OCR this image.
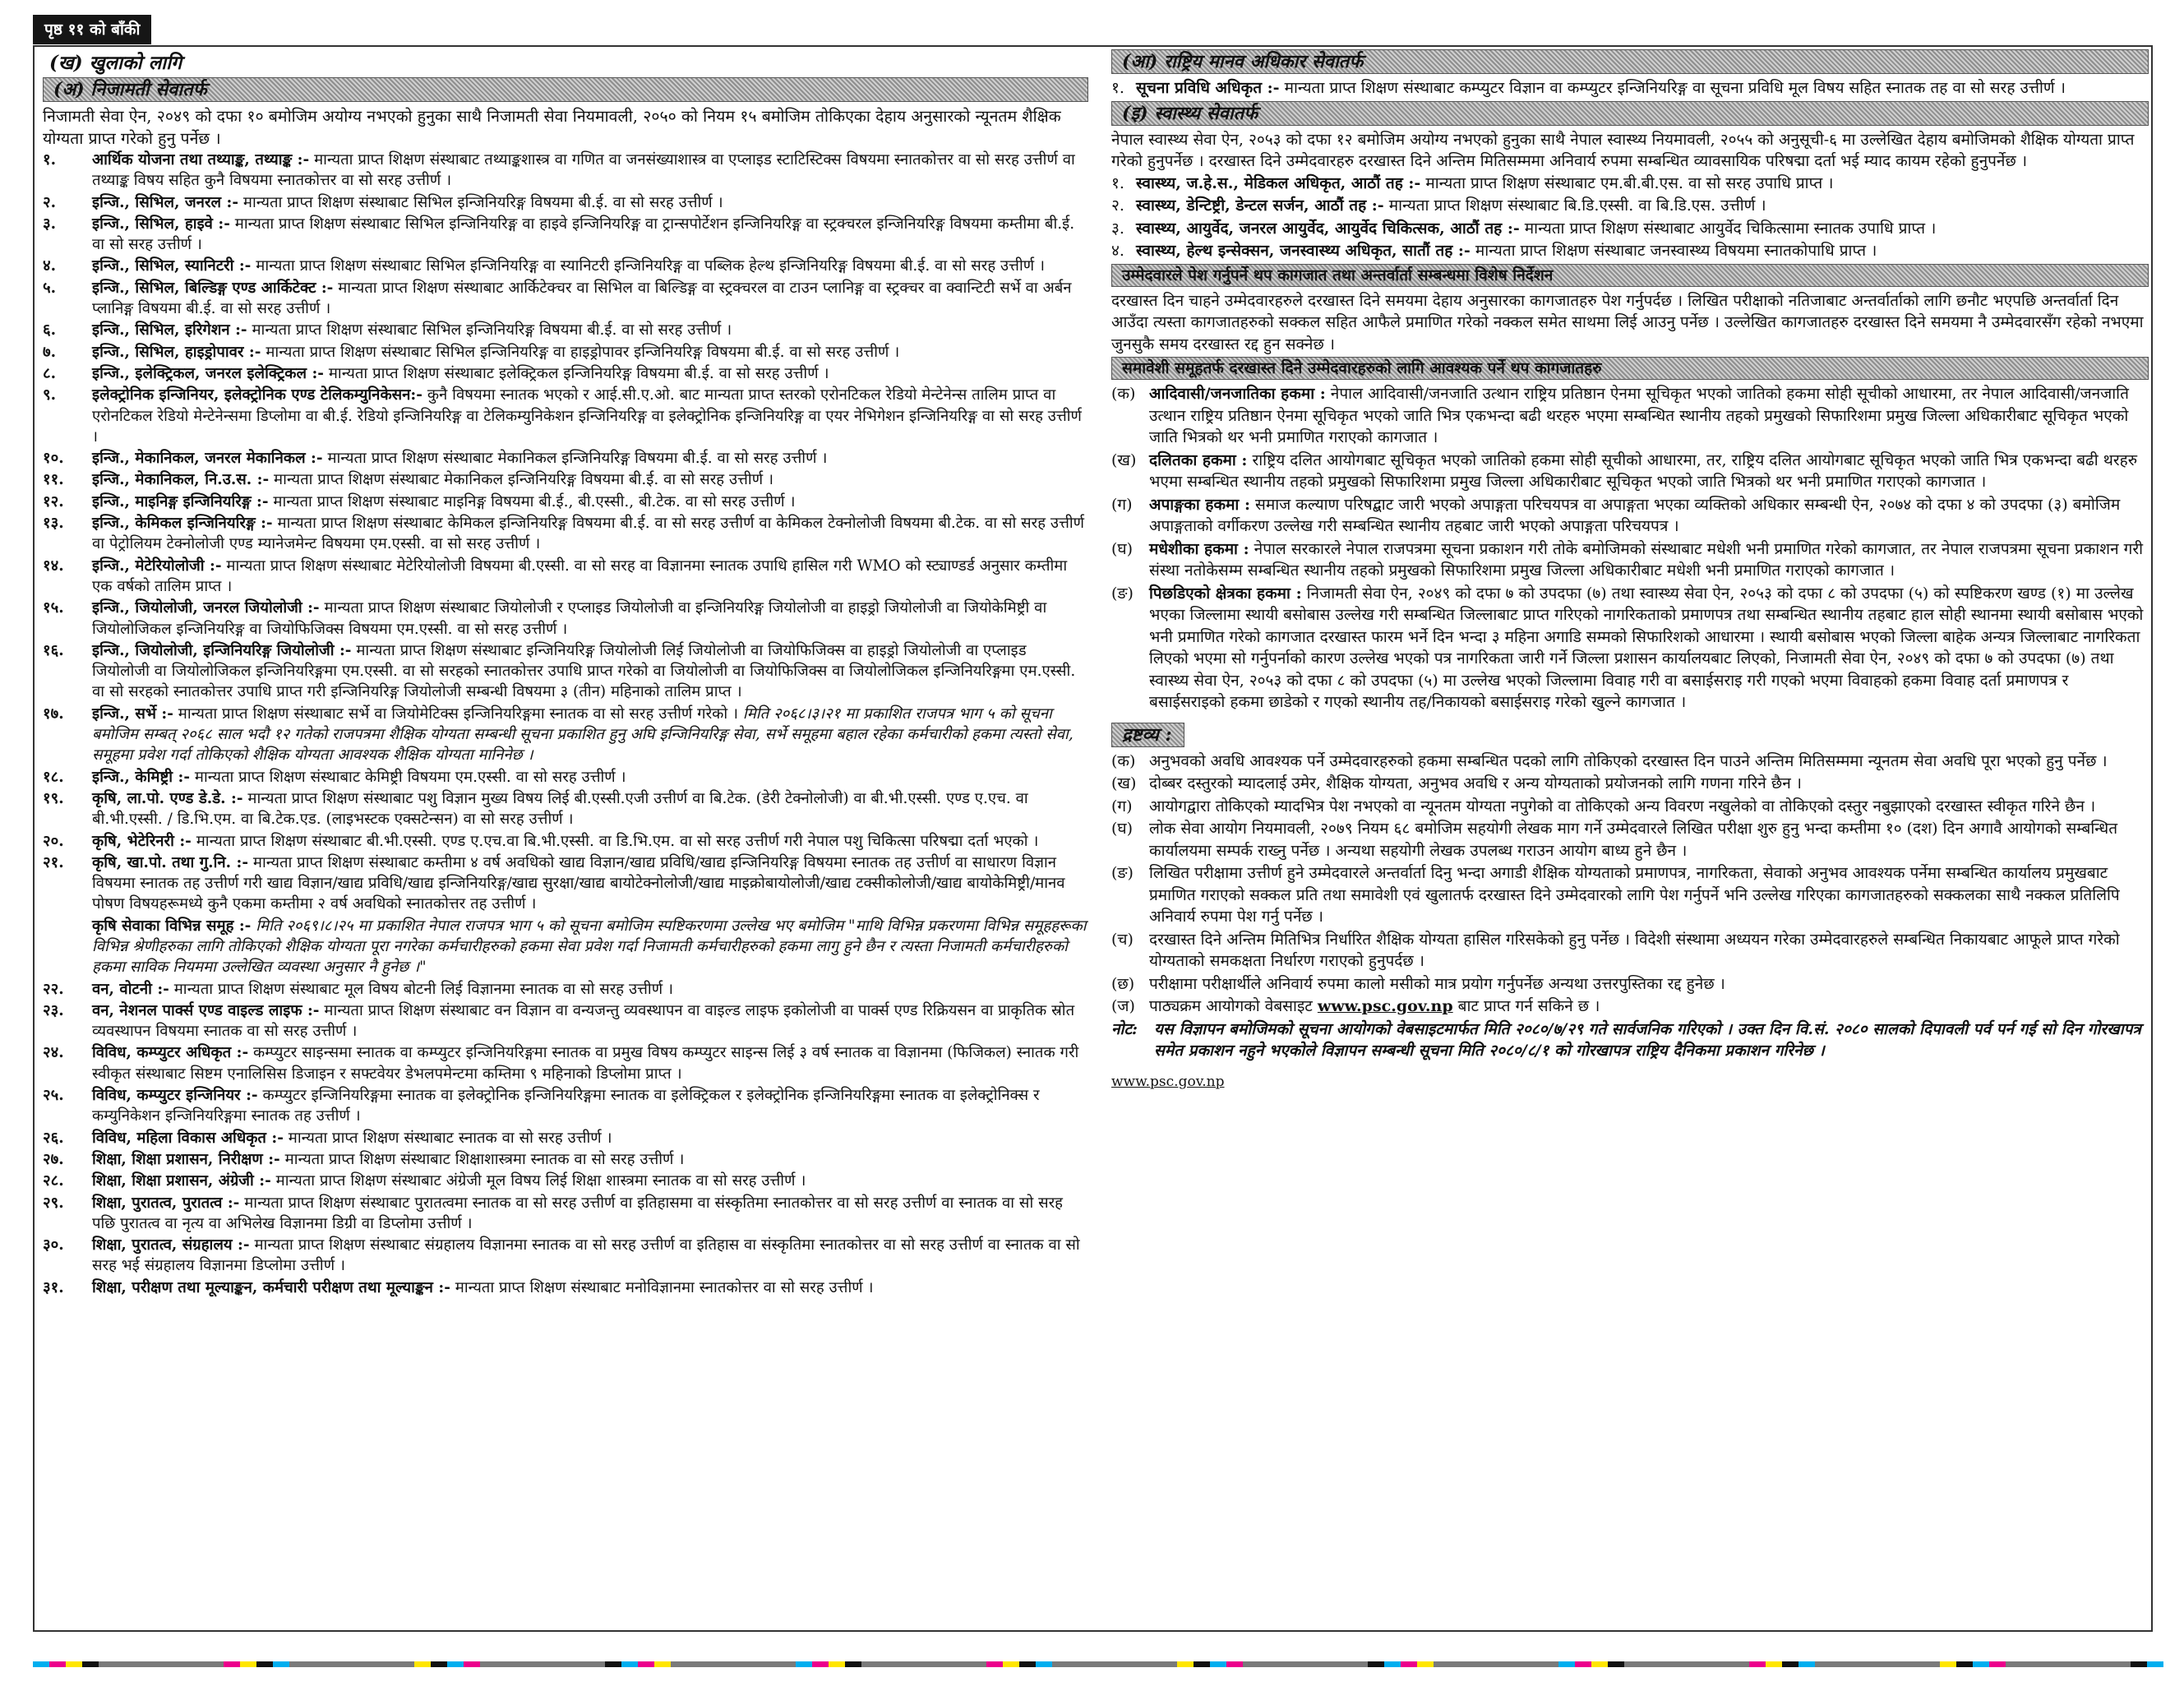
पृष्ठ ११ को बाँकी
(ख) खुलाको लागि
(अ) निजामती सेवातर्फ
निजामती सेवा ऐन, २०४९ को दफा १० बमोजिम अयोग्य नभएको हुनुका साथै निजामती सेवा नियमावली, २०५० को नियम १५ बमोजिम तोकिएका देहाय अनुसारको न्यूनतम शैक्षिक योग्यता प्राप्त गरेको हुनु पर्नेछ ।
१.	आर्थिक योजना तथा तथ्याङ्क, तथ्याङ्क :- मान्यता प्राप्त शिक्षण संस्थाबाट तथ्याङ्कशास्त्र वा गणित वा जनसंख्याशास्त्र वा एप्लाइड स्टाटिस्टिक्स विषयमा स्नातकोत्तर वा सो सरह उत्तीर्ण वा तथ्याङ्क विषय सहित कुनै विषयमा स्नातकोत्तर वा सो सरह उत्तीर्ण ।
२.	इन्जि., सिभिल, जनरल :- मान्यता प्राप्त शिक्षण संस्थाबाट सिभिल इन्जिनियरिङ्ग विषयमा बी.ई. वा सो सरह उत्तीर्ण ।
३.	इन्जि., सिभिल, हाइवे :- मान्यता प्राप्त शिक्षण संस्थाबाट सिभिल इन्जिनियरिङ्ग वा हाइवे इन्जिनियरिङ्ग वा ट्रान्सपोर्टेशन इन्जिनियरिङ्ग वा स्ट्रक्चरल इन्जिनियरिङ्ग विषयमा कम्तीमा बी.ई. वा सो सरह उत्तीर्ण ।
४.	इन्जि., सिभिल, स्यानिटरी :- मान्यता प्राप्त शिक्षण संस्थाबाट सिभिल इन्जिनियरिङ्ग वा स्यानिटरी इन्जिनियरिङ्ग वा पब्लिक हेल्थ इन्जिनियरिङ्ग विषयमा बी.ई. वा सो सरह उत्तीर्ण ।
५.	इन्जि., सिभिल, बिल्डिङ्ग एण्ड आर्किटेक्ट :- मान्यता प्राप्त शिक्षण संस्थाबाट आर्किटेक्चर वा सिभिल वा बिल्डिङ्ग वा स्ट्रक्चरल वा टाउन प्लानिङ्ग वा स्ट्रक्चर वा क्वान्टिटी सर्भे वा अर्बन प्लानिङ्ग विषयमा बी.ई. वा सो सरह उत्तीर्ण ।
६.	इन्जि., सिभिल, इरिगेशन :- मान्यता प्राप्त शिक्षण संस्थाबाट सिभिल इन्जिनियरिङ्ग विषयमा बी.ई. वा सो सरह उत्तीर्ण ।
७.	इन्जि., सिभिल, हाइड्रोपावर :- मान्यता प्राप्त शिक्षण संस्थाबाट सिभिल इन्जिनियरिङ्ग वा हाइड्रोपावर इन्जिनियरिङ्ग विषयमा बी.ई. वा सो सरह उत्तीर्ण ।
८.	इन्जि., इलेक्ट्रिकल, जनरल इलेक्ट्रिकल :- मान्यता प्राप्त शिक्षण संस्थाबाट इलेक्ट्रिकल इन्जिनियरिङ्ग विषयमा बी.ई. वा सो सरह उत्तीर्ण ।
९.	इलेक्ट्रोनिक इन्जिनियर, इलेक्ट्रोनिक एण्ड टेलिकम्युनिकेसन:- कुनै विषयमा स्नातक भएको र आई.सी.ए.ओ. बाट मान्यता प्राप्त स्तरको एरोनटिकल रेडियो मेन्टेनेन्स तालिम प्राप्त वा एरोनटिकल रेडियो मेन्टेनेन्समा डिप्लोमा वा बी.ई. रेडियो इन्जिनियरिङ्ग वा टेलिकम्युनिकेशन इन्जिनियरिङ्ग वा इलेक्ट्रोनिक इन्जिनियरिङ्ग वा एयर नेभिगेशन इन्जिनियरिङ्ग वा सो सरह उत्तीर्ण ।
१०.	इन्जि., मेकानिकल, जनरल मेकानिकल :- मान्यता प्राप्त शिक्षण संस्थाबाट मेकानिकल इन्जिनियरिङ्ग विषयमा बी.ई. वा सो सरह उत्तीर्ण ।
११.	इन्जि., मेकानिकल, नि.उ.स. :- मान्यता प्राप्त शिक्षण संस्थाबाट मेकानिकल इन्जिनियरिङ्ग विषयमा बी.ई. वा सो सरह उत्तीर्ण ।
१२.	इन्जि., माइनिङ्ग इन्जिनियरिङ्ग :- मान्यता प्राप्त शिक्षण संस्थाबाट माइनिङ्ग विषयमा बी.ई., बी.एस्सी., बी.टेक. वा सो सरह उत्तीर्ण ।
१३.	इन्जि., केमिकल इन्जिनियरिङ्ग :- मान्यता प्राप्त शिक्षण संस्थाबाट केमिकल इन्जिनियरिङ्ग विषयमा बी.ई. वा सो सरह उत्तीर्ण वा केमिकल टेक्नोलोजी विषयमा बी.टेक. वा सो सरह उत्तीर्ण वा पेट्रोलियम टेक्नोलोजी एण्ड म्यानेजमेन्ट विषयमा एम.एस्सी. वा सो सरह उत्तीर्ण ।
१४.	इन्जि., मेटेरियोलोजी :- मान्यता प्राप्त शिक्षण संस्थाबाट मेटेरियोलोजी विषयमा बी.एस्सी. वा सो सरह वा विज्ञानमा स्नातक उपाधि हासिल गरी WMO को स्ट्याण्डर्ड अनुसार कम्तीमा एक वर्षको तालिम प्राप्त ।
१५.	इन्जि., जियोलोजी, जनरल जियोलोजी :- मान्यता प्राप्त शिक्षण संस्थाबाट जियोलोजी र एप्लाइड जियोलोजी वा इन्जिनियरिङ्ग जियोलोजी वा हाइड्रो जियोलोजी वा जियोकेमिष्ट्री वा जियोलोजिकल इन्जिनियरिङ्ग वा जियोफिजिक्स विषयमा एम.एस्सी. वा सो सरह उत्तीर्ण ।
१६.	इन्जि., जियोलोजी, इन्जिनियरिङ्ग जियोलोजी :- मान्यता प्राप्त शिक्षण संस्थाबाट इन्जिनियरिङ्ग जियोलोजी लिई जियोलोजी वा जियोफिजिक्स वा हाइड्रो जियोलोजी वा एप्लाइड जियोलोजी वा जियोलोजिकल इन्जिनियरिङ्गमा एम.एस्सी. वा सो सरहको स्नातकोत्तर उपाधि प्राप्त गरेको वा जियोलोजी वा जियोफिजिक्स वा जियोलोजिकल इन्जिनियरिङ्गमा एम.एस्सी. वा सो सरहको स्नातकोत्तर उपाधि प्राप्त गरी इन्जिनियरिङ्ग जियोलोजी सम्बन्धी विषयमा ३ (तीन) महिनाको तालिम प्राप्त ।
१७.	इन्जि., सर्भे :- मान्यता प्राप्त शिक्षण संस्थाबाट सर्भे वा जियोमेटिक्स इन्जिनियरिङ्गमा स्नातक वा सो सरह उत्तीर्ण गरेको । मिति २०६८।३।२१ मा प्रकाशित राजपत्र भाग ५ को सूचना बमोजिम सम्बत् २०६८ साल भदौ १२ गतेको राजपत्रमा शैक्षिक योग्यता सम्बन्धी सूचना प्रकाशित हुनु अघि इन्जिनियरिङ्ग सेवा, सर्भे समूहमा बहाल रहेका कर्मचारीको हकमा त्यस्तो सेवा, समूहमा प्रवेश गर्दा तोकिएको शैक्षिक योग्यता आवश्यक शैक्षिक योग्यता मानिनेछ ।
१८.	इन्जि., केमिष्ट्री :- मान्यता प्राप्त शिक्षण संस्थाबाट केमिष्ट्री विषयमा एम.एस्सी. वा सो सरह उत्तीर्ण ।
१९.	कृषि, ला.पो. एण्ड डे.डे. :- मान्यता प्राप्त शिक्षण संस्थाबाट पशु विज्ञान मुख्य विषय लिई बी.एस्सी.एजी उत्तीर्ण वा बि.टेक. (डेरी टेक्नोलोजी) वा बी.भी.एस्सी. एण्ड ए.एच. वा बी.भी.एस्सी. / डि.भि.एम. वा बि.टेक.एड. (लाइभस्टक एक्सटेन्सन) वा सो सरह उत्तीर्ण ।
२०.	कृषि, भेटेरिनरी :- मान्यता प्राप्त शिक्षण संस्थाबाट बी.भी.एस्सी. एण्ड ए.एच.वा बि.भी.एस्सी. वा डि.भि.एम. वा सो सरह उत्तीर्ण गरी नेपाल पशु चिकित्सा परिषद्मा दर्ता भएको ।
२१.	कृषि, खा.पो. तथा गु.नि. :- मान्यता प्राप्त शिक्षण संस्थाबाट कम्तीमा ४ वर्ष अवधिको खाद्य विज्ञान/खाद्य प्रविधि/खाद्य इन्जिनियरिङ्ग विषयमा स्नातक तह उत्तीर्ण वा साधारण विज्ञान विषयमा स्नातक तह उत्तीर्ण गरी खाद्य विज्ञान/खाद्य प्रविधि/खाद्य इन्जिनियरिङ्ग/खाद्य सुरक्षा/खाद्य बायोटेक्नोलोजी/खाद्य माइक्रोबायोलोजी/खाद्य टक्सीकोलोजी/खाद्य बायोकेमिष्ट्री/मानव पोषण विषयहरूमध्ये कुनै एकमा कम्तीमा २ वर्ष अवधिको स्नातकोत्तर तह उत्तीर्ण ।
कृषि सेवाका विभिन्न समूह :- मिति २०६९।८।२५ मा प्रकाशित नेपाल राजपत्र भाग ५ को सूचना बमोजिम स्पष्टिकरणमा उल्लेख भए बमोजिम "माथि विभिन्न प्रकरणमा विभिन्न समूहहरूका विभिन्न श्रेणीहरुका लागि तोकिएको शैक्षिक योग्यता पूरा नगरेका कर्मचारीहरुको हकमा सेवा प्रवेश गर्दा निजामती कर्मचारीहरुको हकमा लागु हुने छैन र त्यस्ता निजामती कर्मचारीहरुको हकमा साविक नियममा उल्लेखित व्यवस्था अनुसार नै हुनेछ ।"
२२.	वन, वोटनी :- मान्यता प्राप्त शिक्षण संस्थाबाट मूल विषय बोटनी लिई विज्ञानमा स्नातक वा सो सरह उत्तीर्ण ।
२३.	वन, नेशनल पार्क्स एण्ड वाइल्ड लाइफ :- मान्यता प्राप्त शिक्षण संस्थाबाट वन विज्ञान वा वन्यजन्तु व्यवस्थापन वा वाइल्ड लाइफ इकोलोजी वा पार्क्स एण्ड रिक्रियसन वा प्राकृतिक स्रोत व्यवस्थापन विषयमा स्नातक वा सो सरह उत्तीर्ण ।
२४.	विविध, कम्प्युटर अधिकृत :- कम्प्युटर साइन्समा स्नातक वा कम्प्युटर इन्जिनियरिङ्गमा स्नातक वा प्रमुख विषय कम्प्युटर साइन्स लिई ३ वर्ष स्नातक वा विज्ञानमा (फिजिकल) स्नातक गरी स्वीकृत संस्थाबाट सिष्टम एनालिसिस डिजाइन र सफ्टवेयर डेभलपमेन्टमा कम्तिमा ९ महिनाको डिप्लोमा प्राप्त ।
२५.	विविध, कम्प्युटर इन्जिनियर :- कम्प्युटर इन्जिनियरिङ्गमा स्नातक वा इलेक्ट्रोनिक इन्जिनियरिङ्गमा स्नातक वा इलेक्ट्रिकल र इलेक्ट्रोनिक इन्जिनियरिङ्गमा स्नातक वा इलेक्ट्रोनिक्स र कम्युनिकेशन इन्जिनियरिङ्गमा स्नातक तह उत्तीर्ण ।
२६.	विविध, महिला विकास अधिकृत :- मान्यता प्राप्त शिक्षण संस्थाबाट स्नातक वा सो सरह उत्तीर्ण ।
२७.	शिक्षा, शिक्षा प्रशासन, निरीक्षण :- मान्यता प्राप्त शिक्षण संस्थाबाट शिक्षाशास्त्रमा स्नातक वा सो सरह उत्तीर्ण ।
२८.	शिक्षा, शिक्षा प्रशासन, अंग्रेजी :- मान्यता प्राप्त शिक्षण संस्थाबाट अंग्रेजी मूल विषय लिई शिक्षा शास्त्रमा स्नातक वा सो सरह उत्तीर्ण ।
२९.	शिक्षा, पुरातत्व, पुरातत्व :- मान्यता प्राप्त शिक्षण संस्थाबाट पुरातत्वमा स्नातक वा सो सरह उत्तीर्ण वा इतिहासमा वा संस्कृतिमा स्नातकोत्तर वा सो सरह उत्तीर्ण वा स्नातक वा सो सरह पछि पुरातत्व वा नृत्य वा अभिलेख विज्ञानमा डिग्री वा डिप्लोमा उत्तीर्ण ।
३०.	शिक्षा, पुरातत्व, संग्रहालय :- मान्यता प्राप्त शिक्षण संस्थाबाट संग्रहालय विज्ञानमा स्नातक वा सो सरह उत्तीर्ण वा इतिहास वा संस्कृतिमा स्नातकोत्तर वा सो सरह उत्तीर्ण वा स्नातक वा सो सरह भई संग्रहालय विज्ञानमा डिप्लोमा उत्तीर्ण ।
३१.	शिक्षा, परीक्षण तथा मूल्याङ्कन, कर्मचारी परीक्षण तथा मूल्याङ्कन :- मान्यता प्राप्त शिक्षण संस्थाबाट मनोविज्ञानमा स्नातकोत्तर वा सो सरह उत्तीर्ण ।
(आ) राष्ट्रिय मानव अधिकार सेवातर्फ
१. सूचना प्रविधि अधिकृत :- मान्यता प्राप्त शिक्षण संस्थाबाट कम्प्युटर विज्ञान वा कम्प्युटर इन्जिनियरिङ्ग वा सूचना प्रविधि मूल विषय सहित स्नातक तह वा सो सरह उत्तीर्ण ।
(इ) स्वास्थ्य सेवातर्फ
नेपाल स्वास्थ्य सेवा ऐन, २०५३ को दफा १२ बमोजिम अयोग्य नभएको हुनुका साथै नेपाल स्वास्थ्य नियमावली, २०५५ को अनुसूची-६ मा उल्लेखित देहाय बमोजिमको शैक्षिक योग्यता प्राप्त गरेको हुनुपर्नेछ । दरखास्त दिने उम्मेदवारहरु दरखास्त दिने अन्तिम मितिसम्ममा अनिवार्य रुपमा सम्बन्धित व्यावसायिक परिषद्मा दर्ता भई म्याद कायम रहेको हुनुपर्नेछ ।
१. स्वास्थ्य, ज.हे.स., मेडिकल अधिकृत, आठौं तह :- मान्यता प्राप्त शिक्षण संस्थाबाट एम.बी.बी.एस. वा सो सरह उपाधि प्राप्त ।
२. स्वास्थ्य, डेन्टिष्ट्री, डेन्टल सर्जन, आठौं तह :- मान्यता प्राप्त शिक्षण संस्थाबाट बि.डि.एस्सी. वा बि.डि.एस. उत्तीर्ण ।
३. स्वास्थ्य, आयुर्वेद, जनरल आयुर्वेद, आयुर्वेद चिकित्सक, आठौं तह :- मान्यता प्राप्त शिक्षण संस्थाबाट आयुर्वेद चिकित्सामा स्नातक उपाधि प्राप्त ।
४. स्वास्थ्य, हेल्थ इन्सेक्सन, जनस्वास्थ्य अधिकृत, सातौं तह :- मान्यता प्राप्त शिक्षण संस्थाबाट जनस्वास्थ्य विषयमा स्नातकोपाधि प्राप्त ।
उम्मेदवारले पेश गर्नुपर्ने थप कागजात तथा अन्तर्वार्ता सम्बन्धमा विशेष निर्देशन
दरखास्त दिन चाहने उम्मेदवारहरुले दरखास्त दिने समयमा देहाय अनुसारका कागजातहरु पेश गर्नुपर्दछ । लिखित परीक्षाको नतिजाबाट अन्तर्वार्ताको लागि छनौट भएपछि अन्तर्वार्ता दिन आउँदा त्यस्ता कागजातहरुको सक्कल सहित आफैले प्रमाणित गरेको नक्कल समेत साथमा लिई आउनु पर्नेछ । उल्लेखित कागजातहरु दरखास्त दिने समयमा नै उम्मेदवारसँग रहेको नभएमा जुनसुकै समय दरखास्त रद्द हुन सक्नेछ ।
समावेशी समूहतर्फ दरखास्त दिने उम्मेदवारहरुको लागि आवश्यक पर्ने थप कागजातहरु
(क) आदिवासी/जनजातिका हकमा : नेपाल आदिवासी/जनजाति उत्थान राष्ट्रिय प्रतिष्ठान ऐनमा सूचिकृत भएको जातिको हकमा सोही सूचीको आधारमा, तर नेपाल आदिवासी/जनजाति उत्थान राष्ट्रिय प्रतिष्ठान ऐनमा सूचिकृत भएको जाति भित्र एकभन्दा बढी थरहरु भएमा सम्बन्धित स्थानीय तहको प्रमुखको सिफारिशमा प्रमुख जिल्ला अधिकारीबाट सूचिकृत भएको जाति भित्रको थर भनी प्रमाणित गराएको कागजात ।
(ख) दलितका हकमा : राष्ट्रिय दलित आयोगबाट सूचिकृत भएको जातिको हकमा सोही सूचीको आधारमा, तर, राष्ट्रिय दलित आयोगबाट सूचिकृत भएको जाति भित्र एकभन्दा बढी थरहरु भएमा सम्बन्धित स्थानीय तहको प्रमुखको सिफारिशमा प्रमुख जिल्ला अधिकारीबाट सूचिकृत भएको जाति भित्रको थर भनी प्रमाणित गराएको कागजात ।
(ग)	अपाङ्गका हकमा : समाज कल्याण परिषद्बाट जारी भएको अपाङ्गता परिचयपत्र वा अपाङ्गता भएका व्यक्तिको अधिकार सम्बन्धी ऐन, २०७४ को दफा ४ को उपदफा (३) बमोजिम अपाङ्गताको वर्गीकरण उल्लेख गरी सम्बन्धित स्थानीय तहबाट जारी भएको अपाङ्गता परिचयपत्र ।
(घ)	मधेशीका हकमा : नेपाल सरकारले नेपाल राजपत्रमा सूचना प्रकाशन गरी तोके बमोजिमको संस्थाबाट मधेशी भनी प्रमाणित गरेको कागजात, तर नेपाल राजपत्रमा सूचना प्रकाशन गरी संस्था नतोकेसम्म सम्बन्धित स्थानीय तहको प्रमुखको सिफारिशमा प्रमुख जिल्ला अधिकारीबाट मधेशी भनी प्रमाणित गराएको कागजात ।
(ङ)	पिछडिएको क्षेत्रका हकमा : निजामती सेवा ऐन, २०४९ को दफा ७ को उपदफा (७) तथा स्वास्थ्य सेवा ऐन, २०५३ को दफा ८ को उपदफा (५) को स्पष्टिकरण खण्ड (१) मा उल्लेख भएका जिल्लामा स्थायी बसोबास उल्लेख गरी सम्बन्धित जिल्लाबाट प्राप्त गरिएको नागरिकताको प्रमाणपत्र तथा सम्बन्धित स्थानीय तहबाट हाल सोही स्थानमा स्थायी बसोबास भएको भनी प्रमाणित गरेको कागजात दरखास्त फारम भर्ने दिन भन्दा ३ महिना अगाडि सम्मको सिफारिशको आधारमा । स्थायी बसोबास भएको जिल्ला बाहेक अन्यत्र जिल्लाबाट नागरिकता लिएको भएमा सो गर्नुपर्नाको कारण उल्लेख भएको पत्र नागरिकता जारी गर्ने जिल्ला प्रशासन कार्यालयबाट लिएको, निजामती सेवा ऐन, २०४९ को दफा ७ को उपदफा (७) तथा स्वास्थ्य सेवा ऐन, २०५३ को दफा ८ को उपदफा (५) मा उल्लेख भएको जिल्लामा विवाह गरी वा बसाईसराइ गरी गएको भएमा विवाहको हकमा विवाह दर्ता प्रमाणपत्र र बसाईसराइको हकमा छाडेको र गएको स्थानीय तह/निकायको बसाईसराइ गरेको खुल्ने कागजात ।
द्रष्टव्य :
(क) अनुभवको अवधि आवश्यक पर्ने उम्मेदवारहरुको हकमा सम्बन्धित पदको लागि तोकिएको दरखास्त दिन पाउने अन्तिम मितिसम्ममा न्यूनतम सेवा अवधि पूरा भएको हुनु पर्नेछ ।
(ख) दोब्बर दस्तुरको म्यादलाई उमेर, शैक्षिक योग्यता, अनुभव अवधि र अन्य योग्यताको प्रयोजनको लागि गणना गरिने छैन ।
(ग)	आयोगद्वारा तोकिएको म्यादभित्र पेश नभएको वा न्यूनतम योग्यता नपुगेको वा तोकिएको अन्य विवरण नखुलेको वा तोकिएको दस्तुर नबुझाएको दरखास्त स्वीकृत गरिने छैन ।
(घ)	लोक सेवा आयोग नियमावली, २०७९ नियम ६८ बमोजिम सहयोगी लेखक माग गर्ने उम्मेदवारले लिखित परीक्षा शुरु हुनु भन्दा कम्तीमा १० (दश) दिन अगावै आयोगको सम्बन्धित कार्यालयमा सम्पर्क राख्नु पर्नेछ । अन्यथा सहयोगी लेखक उपलब्ध गराउन आयोग बाध्य हुने छैन ।
(ङ)	लिखित परीक्षामा उत्तीर्ण हुने उम्मेदवारले अन्तर्वार्ता दिनु भन्दा अगाडी शैक्षिक योग्यताको प्रमाणपत्र, नागरिकता, सेवाको अनुभव आवश्यक पर्नेमा सम्बन्धित कार्यालय प्रमुखबाट प्रमाणित गराएको सक्कल प्रति तथा समावेशी एवं खुलातर्फ दरखास्त दिने उम्मेदवारको लागि पेश गर्नुपर्ने भनि उल्लेख गरिएका कागजातहरुको सक्कलका साथै नक्कल प्रतिलिपि अनिवार्य रुपमा पेश गर्नु पर्नेछ ।
(च)	दरखास्त दिने अन्तिम मितिभित्र निर्धारित शैक्षिक योग्यता हासिल गरिसकेको हुनु पर्नेछ । विदेशी संस्थामा अध्ययन गरेका उम्मेदवारहरुले सम्बन्धित निकायबाट आफूले प्राप्त गरेको योग्यताको समकक्षता निर्धारण गराएको हुनुपर्दछ ।
(छ) परीक्षामा परीक्षार्थीले अनिवार्य रुपमा कालो मसीको मात्र प्रयोग गर्नुपर्नेछ अन्यथा उत्तरपुस्तिका रद्द हुनेछ ।
(ज) पाठ्यक्रम आयोगको वेबसाइट www.psc.gov.np बाट प्राप्त गर्न सकिने छ ।
नोट:	यस विज्ञापन बमोजिमको सूचना आयोगको वेबसाइटमार्फत मिति २०८०/७/२९ गते सार्वजनिक गरिएको । उक्त दिन वि.सं. २०८० सालको दिपावली पर्व पर्न गई सो दिन गोरखापत्र समेत प्रकाशन नहुने भएकोले विज्ञापन सम्बन्धी सूचना मिति २०८०/८/१ को गोरखापत्र राष्ट्रिय दैनिकमा प्रकाशन गरिनेछ ।
www.psc.gov.np
